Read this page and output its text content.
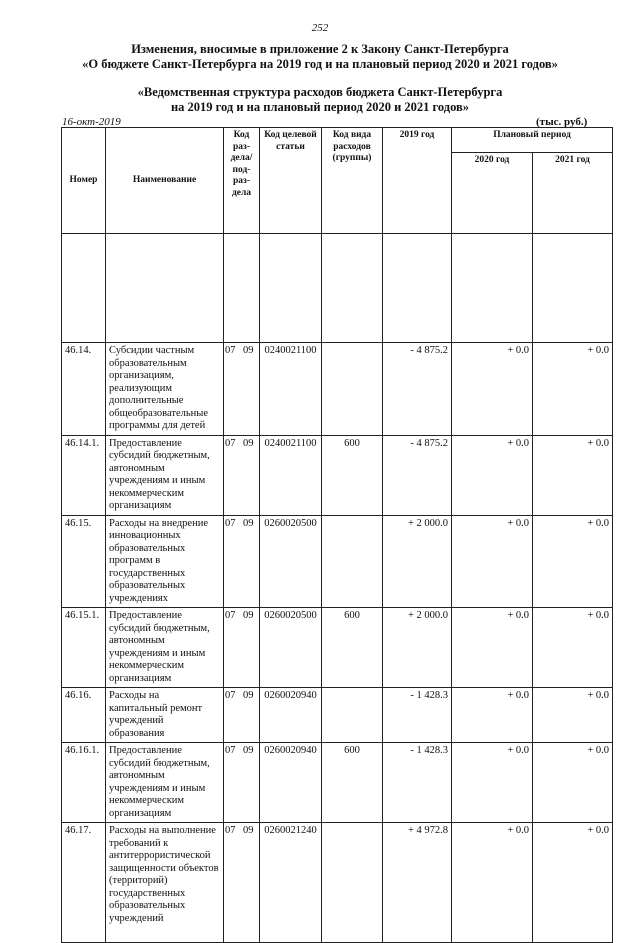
252
Изменения, вносимые в приложение 2 к Закону Санкт-Петербурга
«О бюджете Санкт-Петербурга на 2019 год и на плановый период 2020 и 2021 годов»
«Ведомственная структура расходов бюджета Санкт-Петербурга
на 2019 год и на плановый период 2020 и 2021 годов»
16-окт-2019	(тыс. руб.)
Номер	Наименование	Код раз- дела/ под- раз- дела	Код целевой статьи	Код вида расходов (группы)	2019 год	Плановый период	
						2020 год	2021 год

46.14.	Субсидии частным образовательным организациям, реализующим дополнительные общеобразовательные программы для детей	07 09	0240021100		- 4 875.2	+ 0.0	+ 0.0
46.14.1.	Предоставление субсидий бюджетным, автономным учреждениям и иным некоммерческим организациям	07 09	0240021100	600	- 4 875.2	+ 0.0	+ 0.0
46.15.	Расходы на внедрение инновационных образовательных программ в государственных образовательных учреждениях	07 09	0260020500		+ 2 000.0	+ 0.0	+ 0.0
46.15.1.	Предоставление субсидий бюджетным, автономным учреждениям и иным некоммерческим организациям	07 09	0260020500	600	+ 2 000.0	+ 0.0	+ 0.0
46.16.	Расходы на капитальный ремонт учреждений образования	07 09	0260020940		- 1 428.3	+ 0.0	+ 0.0
46.16.1.	Предоставление субсидий бюджетным, автономным учреждениям и иным некоммерческим организациям	07 09	0260020940	600	- 1 428.3	+ 0.0	+ 0.0
46.17.	Расходы на выполнение требований к антитеррористической защищенности объектов (территорий) государственных образовательных учреждений	07 09	0260021240		+ 4 972.8	+ 0.0	+ 0.0
